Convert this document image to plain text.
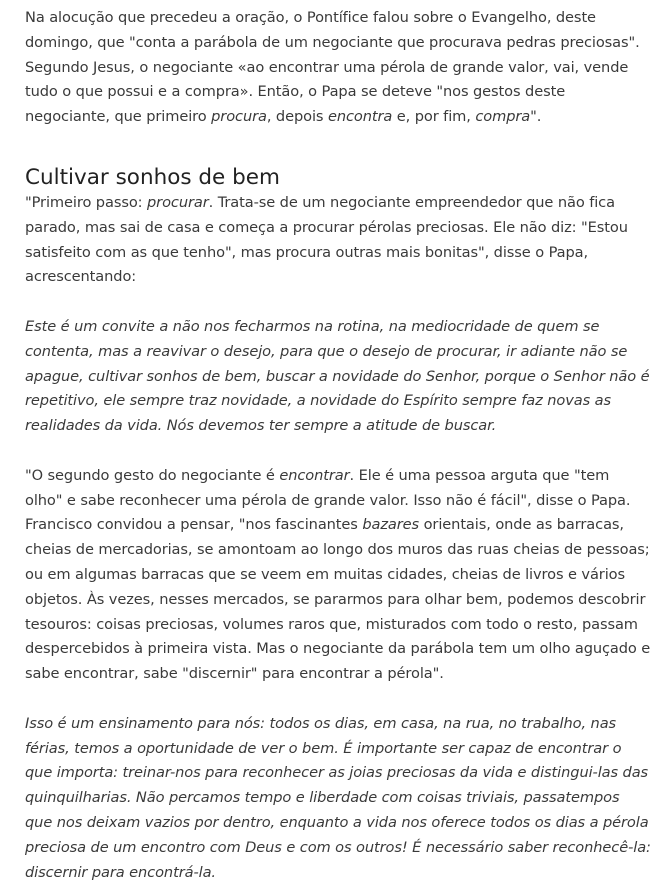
Na alocução que precedeu a oração, o Pontífice falou sobre o Evangelho, deste domingo, que "conta a parábola de um negociante que procurava pedras preciosas". Segundo Jesus, o negociante «ao encontrar uma pérola de grande valor, vai, vende tudo o que possui e a compra». Então, o Papa se deteve "nos gestos deste negociante, que primeiro procura, depois encontra e, por fim, compra".

Cultivar sonhos de bem

"Primeiro passo: procurar. Trata-se de um negociante empreendedor que não fica parado, mas sai de casa e começa a procurar pérolas preciosas. Ele não diz: "Estou satisfeito com as que tenho", mas procura outras mais bonitas", disse o Papa, acrescentando:

Este é um convite a não nos fecharmos na rotina, na mediocridade de quem se contenta, mas a reavivar o desejo, para que o desejo de procurar, ir adiante não se apague, cultivar sonhos de bem, buscar a novidade do Senhor, porque o Senhor não é repetitivo, ele sempre traz novidade, a novidade do Espírito sempre faz novas as realidades da vida. Nós devemos ter sempre a atitude de buscar.

"O segundo gesto do negociante é encontrar. Ele é uma pessoa arguta que "tem olho" e sabe reconhecer uma pérola de grande valor. Isso não é fácil", disse o Papa. Francisco convidou a pensar, "nos fascinantes bazares orientais, onde as barracas, cheias de mercadorias, se amontoam ao longo dos muros das ruas cheias de pessoas; ou em algumas barracas que se veem em muitas cidades, cheias de livros e vários objetos. Às vezes, nesses mercados, se pararmos para olhar bem, podemos descobrir tesouros: coisas preciosas, volumes raros que, misturados com todo o resto, passam despercebidos à primeira vista. Mas o negociante da parábola tem um olho aguçado e sabe encontrar, sabe "discernir" para encontrar a pérola".

Isso é um ensinamento para nós: todos os dias, em casa, na rua, no trabalho, nas férias, temos a oportunidade de ver o bem. É importante ser capaz de encontrar o que importa: treinar-nos para reconhecer as joias preciosas da vida e distingui-las das quinquilharias. Não percamos tempo e liberdade com coisas triviais, passatempos que nos deixam vazios por dentro, enquanto a vida nos oferece todos os dias a pérola preciosa de um encontro com Deus e com os outros! É necessário saber reconhecê-la: discernir para encontrá-la.
